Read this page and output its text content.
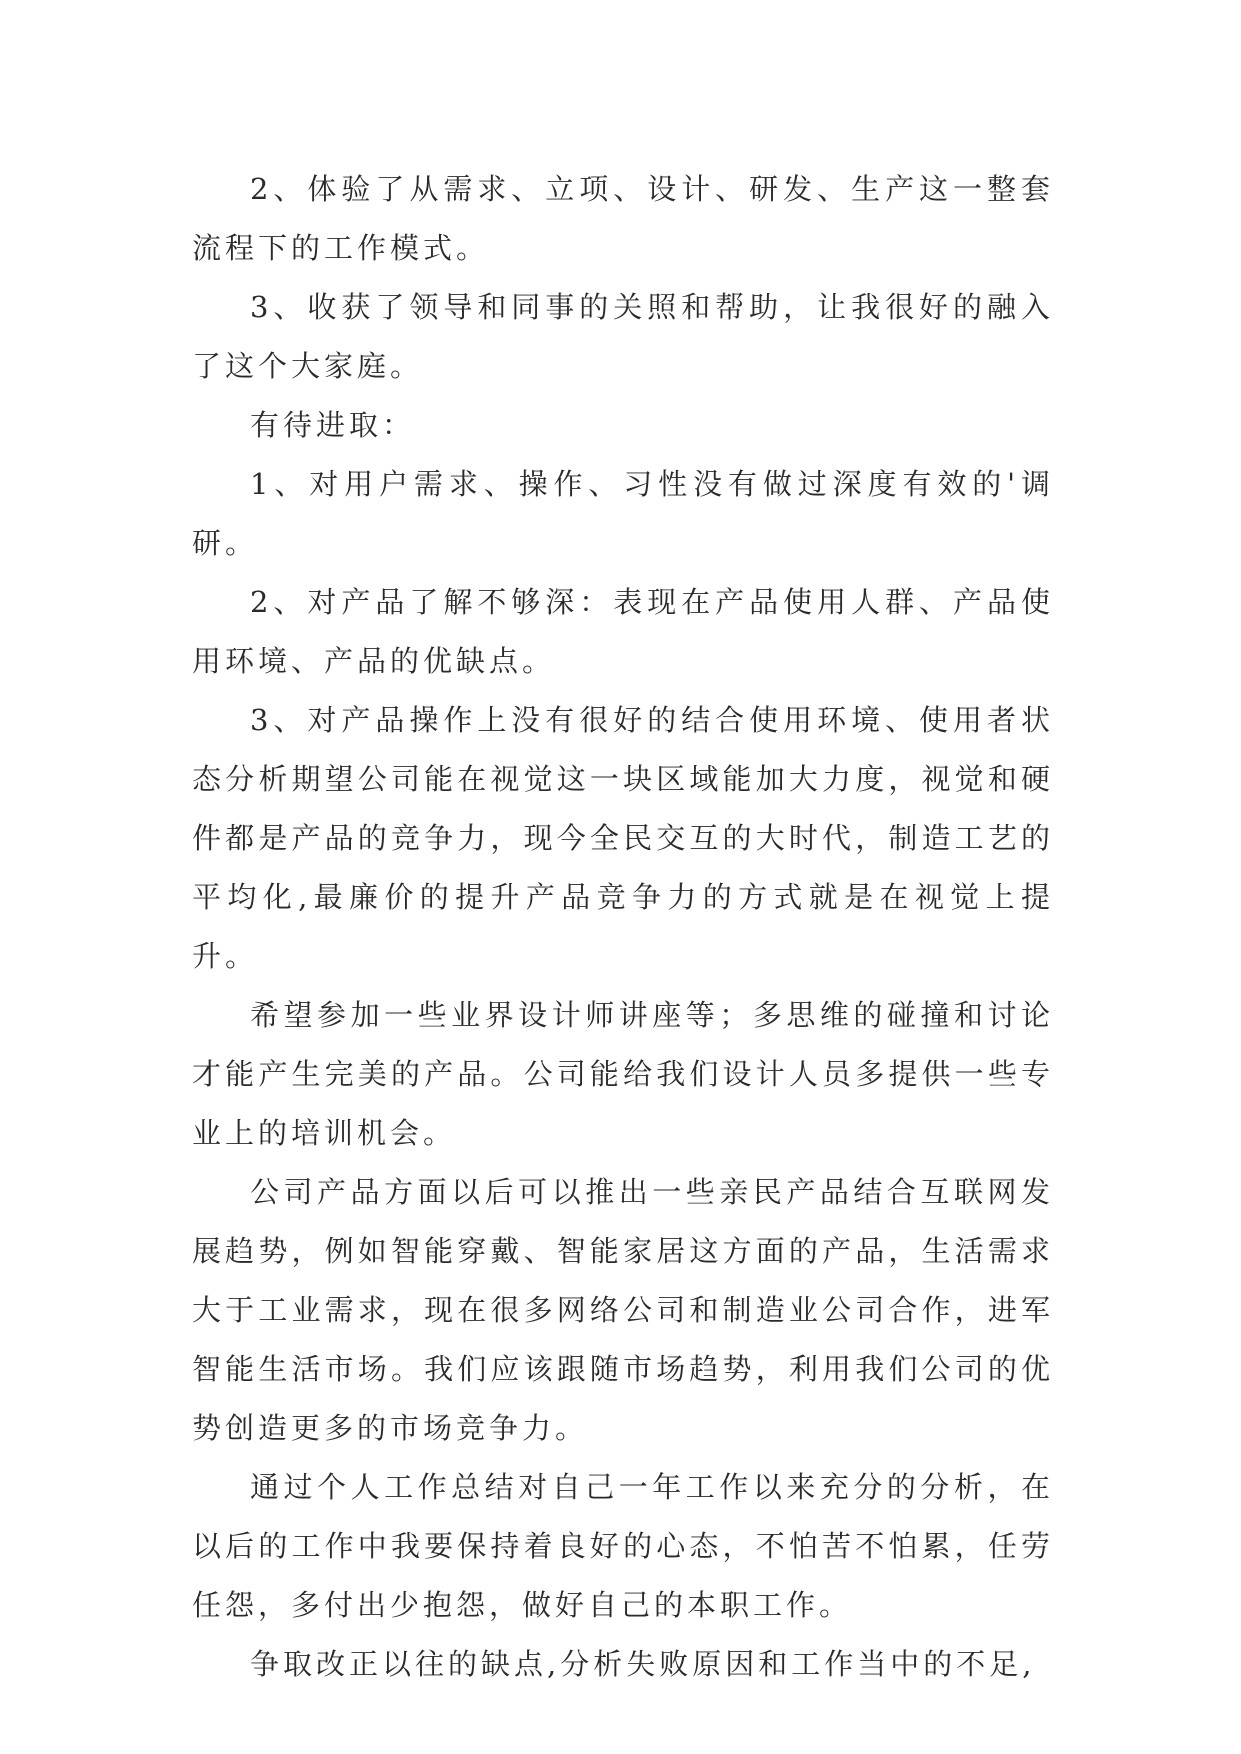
2、体验了从需求、立项、设计、研发、生产这一整套流程下的工作模式。

3、收获了领导和同事的关照和帮助，让我很好的融入了这个大家庭。

有待进取：

1、对用户需求、操作、习性没有做过深度有效的'调研。

2、对产品了解不够深：表现在产品使用人群、产品使用环境、产品的优缺点。

3、对产品操作上没有很好的结合使用环境、使用者状态分析期望公司能在视觉这一块区域能加大力度，视觉和硬件都是产品的竞争力，现今全民交互的大时代，制造工艺的平均化,最廉价的提升产品竞争力的方式就是在视觉上提升。

希望参加一些业界设计师讲座等；多思维的碰撞和讨论才能产生完美的产品。公司能给我们设计人员多提供一些专业上的培训机会。

公司产品方面以后可以推出一些亲民产品结合互联网发展趋势，例如智能穿戴、智能家居这方面的产品，生活需求大于工业需求，现在很多网络公司和制造业公司合作，进军智能生活市场。我们应该跟随市场趋势，利用我们公司的优势创造更多的市场竞争力。

通过个人工作总结对自己一年工作以来充分的分析，在以后的工作中我要保持着良好的心态，不怕苦不怕累，任劳任怨，多付出少抱怨，做好自己的本职工作。

争取改正以往的缺点,分析失败原因和工作当中的不足,
